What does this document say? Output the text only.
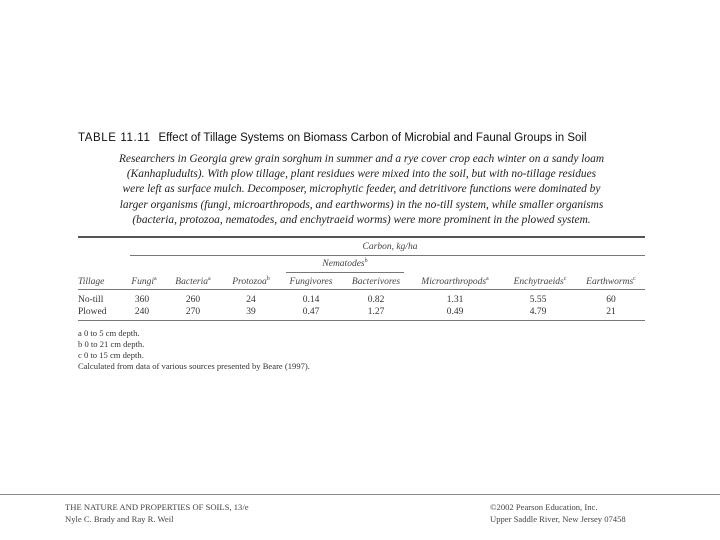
TABLE 11.11 Effect of Tillage Systems on Biomass Carbon of Microbial and Faunal Groups in Soil
Researchers in Georgia grew grain sorghum in summer and a rye cover crop each winter on a sandy loam
(Kanhapludults). With plow tillage, plant residues were mixed into the soil, but with no-tillage residues
were left as surface mulch. Decomposer, microphytic feeder, and detritivore functions were dominated by
larger organisms (fungi, microarthropods, and earthworms) in the no-till system, while smaller organisms
(bacteria, protozoa, nematodes, and enchytraeid worms) were more prominent in the plowed system.
Carbon, kg/ha
Nematodes$^b$
Tillage	Fungi$^a$ Bacteria$^a$ Protozoa$^b$ Fungivores Bacterivores Microarthropods$^a$	Enchytraeids$^c$ Earthworms$^c$
No-till	360	260	24	0.14	0.82	1.31	5.55	60
Plowed	240	270	39	0.47	1.27	0.49	4.79	21
a 0 to 5 cm depth.
b 0 to 21 cm depth.
c 0 to 15 cm depth.
Calculated from data of various sources presented by Beare (1997).
THE NATURE AND PROPERTIES OF SOILS, 13/e
Nyle C. Brady and Ray R. Weil
©2002 Pearson Education, Inc.
Upper Saddle River, New Jersey 07458
